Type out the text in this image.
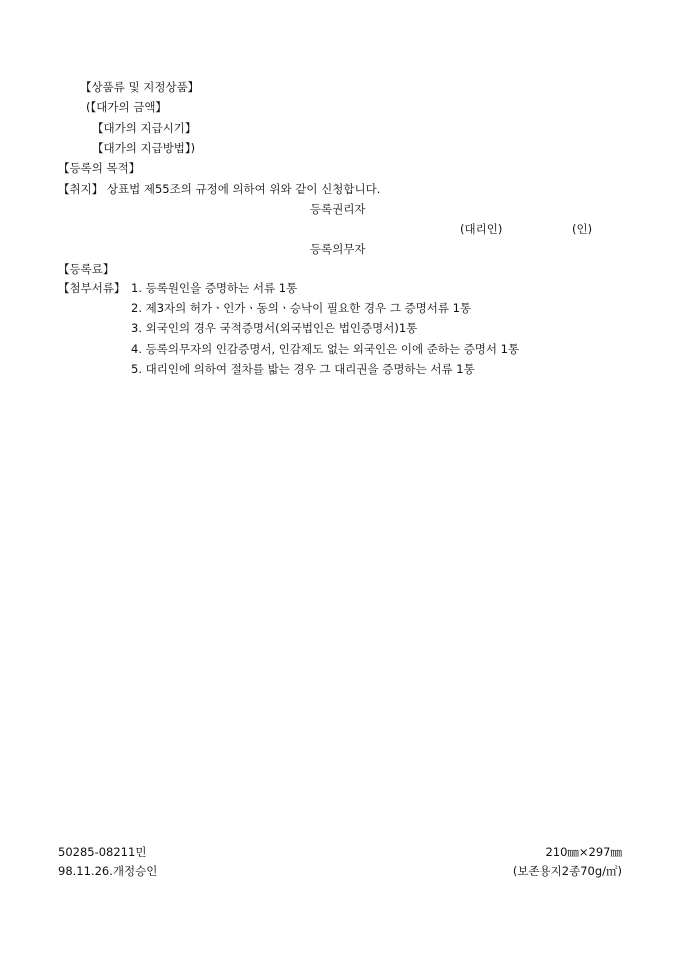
【상품류 및 지정상품】
(【대가의 금액】
【대가의 지급시기】
【대가의 지급방법】)
【등록의 목적】
【취지】 상표법 제55조의 규정에 의하여 위와 같이 신청합니다.
등록권리자
(대리인)	(인)
등록의무자
【등록료】
【첨부서류】 1. 등록원인을 증명하는 서류 1통
2. 제3자의 허가ㆍ인가ㆍ동의ㆍ승낙이 필요한 경우 그 증명서류 1통
3. 외국인의 경우 국적증명서(외국법인은 법인증명서)1통
4. 등록의무자의 인감증명서, 인감제도 없는 외국인은 이에 준하는 증명서 1통
5. 대리인에 의하여 절차를 밟는 경우 그 대리권을 증명하는 서류 1통
50285-08211민
98.11.26.개정승인
210㎜×297㎜
(보존용지2종70g/㎡)
